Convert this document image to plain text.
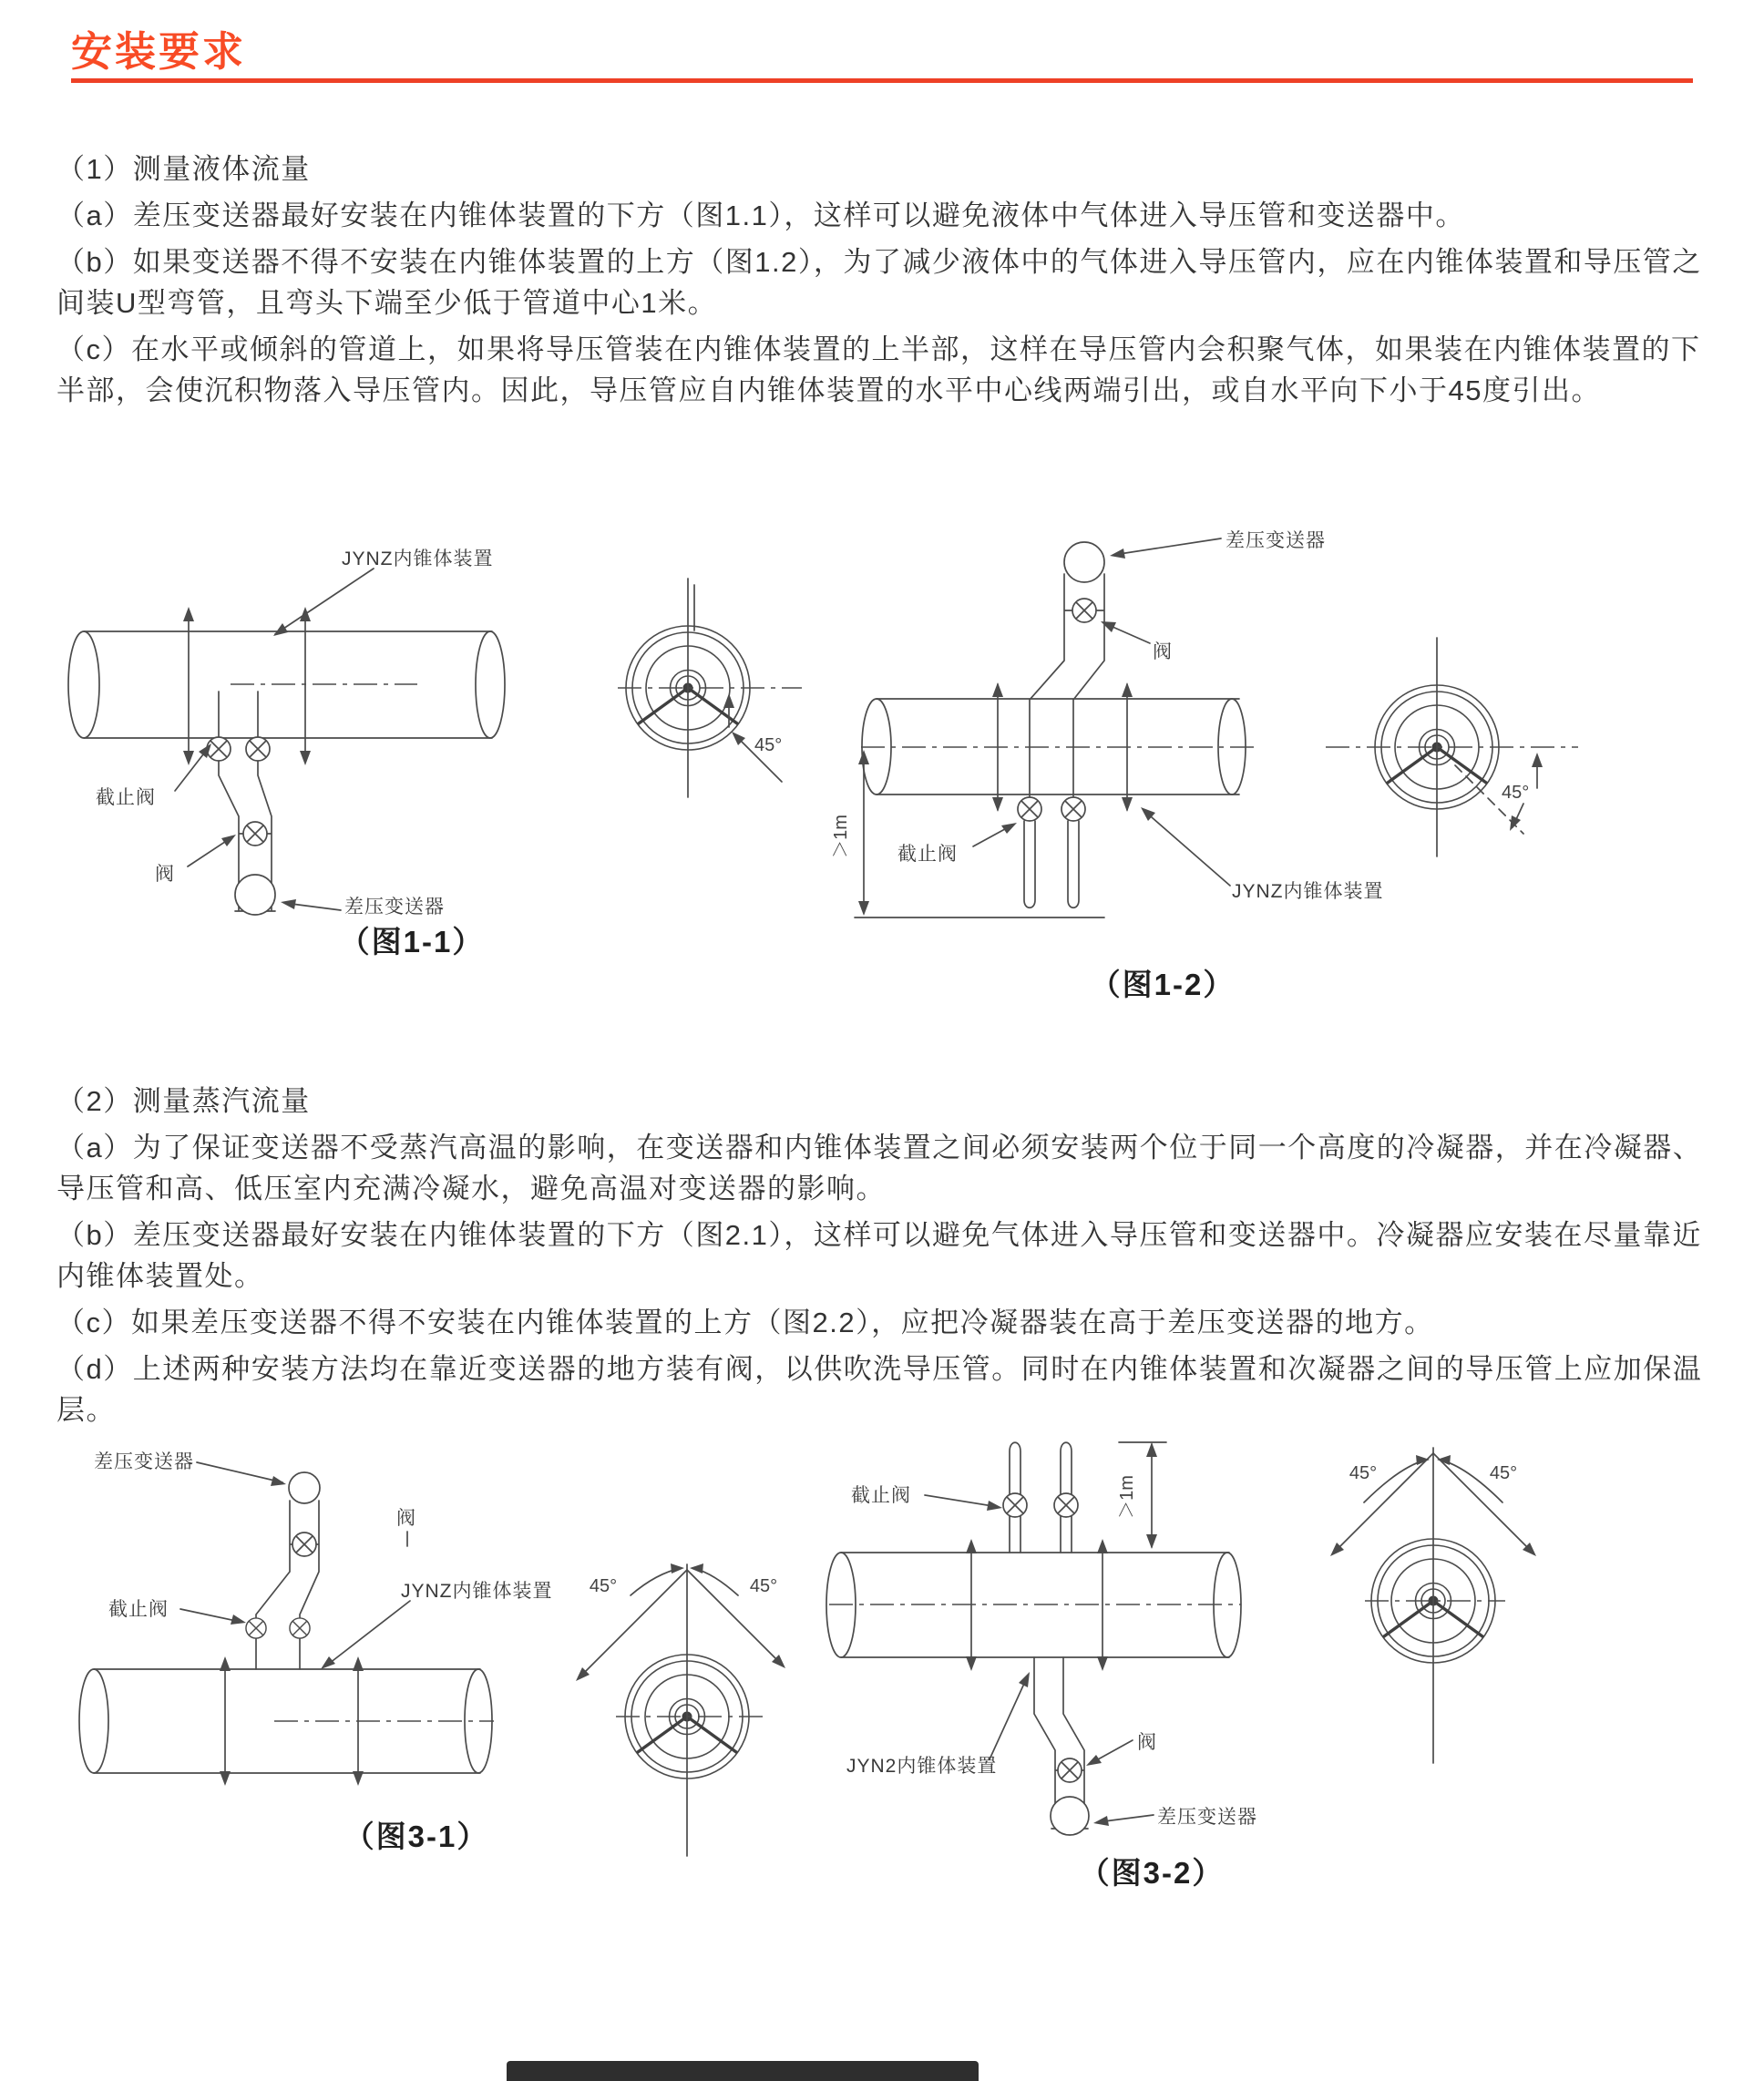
安装要求

（1）测量液体流量

（a）差压变送器最好安装在内锥体装置的下方（图1.1），这样可以避免液体中气体进入导压管和变送器中。

（b）如果变送器不得不安装在内锥体装置的上方（图1.2），为了减少液体中的气体进入导压管内，应在内锥体装置和导压管之间装U型弯管，且弯头下端至少低于管道中心1米。

（c）在水平或倾斜的管道上，如果将导压管装在内锥体装置的上半部，这样在导压管内会积聚气体，如果装在内锥体装置的下半部，会使沉积物落入导压管内。因此，导压管应自内锥体装置的水平中心线两端引出，或自水平向下小于45度引出。

JYNZ内锥体装置
截止阀
阀
差压变送器
（图1-1）
45°
＞1m
差压变送器
阀
截止阀
JYNZ内锥体装置
（图1-2）
45°

（2）测量蒸汽流量

（a）为了保证变送器不受蒸汽高温的影响，在变送器和内锥体装置之间必须安装两个位于同一个高度的冷凝器，并在冷凝器、导压管和高、低压室内充满冷凝水，避免高温对变送器的影响。

（b）差压变送器最好安装在内锥体装置的下方（图2.1），这样可以避免气体进入导压管和变送器中。冷凝器应安装在尽量靠近内锥体装置处。

（c）如果差压变送器不得不安装在内锥体装置的上方（图2.2），应把冷凝器装在高于差压变送器的地方。

（d）上述两种安装方法均在靠近变送器的地方装有阀，以供吹洗导压管。同时在内锥体装置和次凝器之间的导压管上应加保温层。

差压变送器
阀
截止阀
JYNZ内锥体装置
（图3-1）
45°	45°
＞1m
截止阀
JYN2内锥体装置
阀
差压变送器
（图3-2）
45°	45°
